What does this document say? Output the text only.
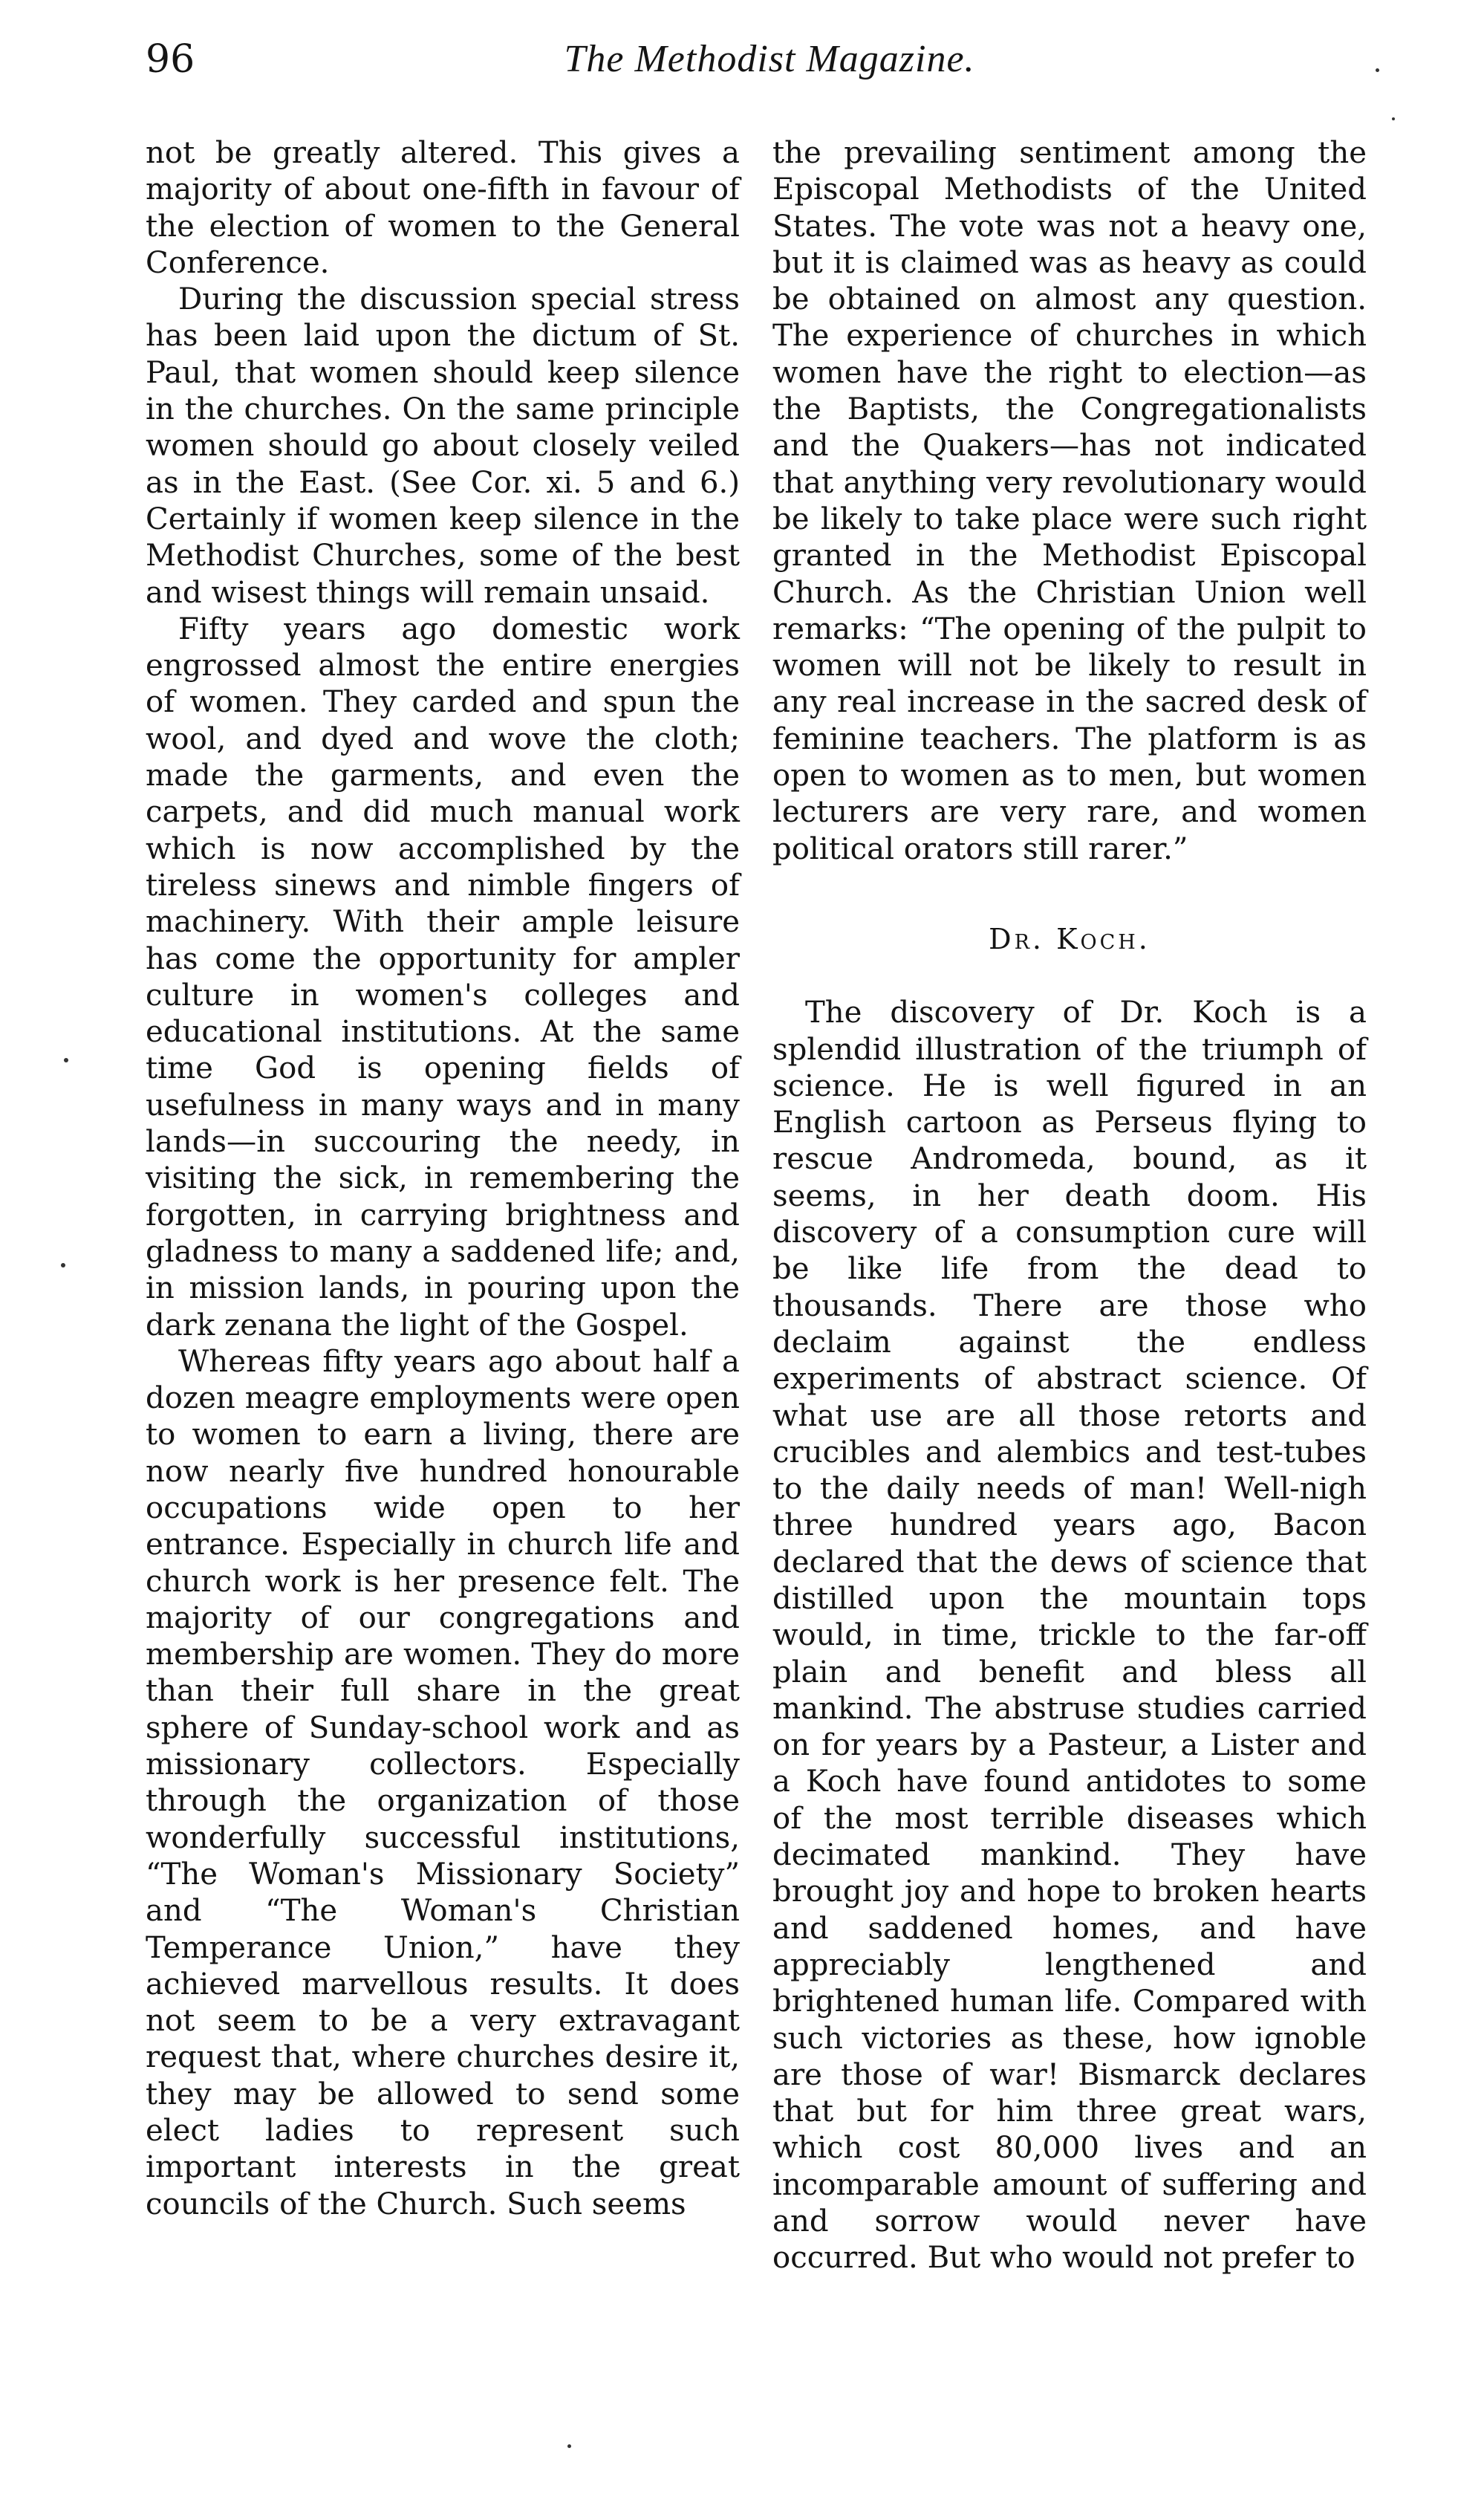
96	The Methodist Magazine.

not be greatly altered. This gives a majority of about one-fifth in favour of the election of women to the General Conference.

During the discussion special stress has been laid upon the dictum of St. Paul, that women should keep silence in the churches. On the same principle women should go about closely veiled as in the East. (See Cor. xi. 5 and 6.) Certainly if women keep silence in the Methodist Churches, some of the best and wisest things will remain unsaid.

Fifty years ago domestic work engrossed almost the entire energies of women. They carded and spun the wool, and dyed and wove the cloth; made the garments, and even the carpets, and did much manual work which is now accomplished by the tireless sinews and nimble fingers of machinery. With their ample leisure has come the opportunity for ampler culture in women's colleges and educational institutions. At the same time God is opening fields of usefulness in many ways and in many lands—in succouring the needy, in visiting the sick, in remembering the forgotten, in carrying brightness and gladness to many a saddened life; and, in mission lands, in pouring upon the dark zenana the light of the Gospel.

Whereas fifty years ago about half a dozen meagre employments were open to women to earn a living, there are now nearly five hundred honourable occupations wide open to her entrance. Especially in church life and church work is her presence felt. The majority of our congregations and membership are women. They do more than their full share in the great sphere of Sunday-school work and as missionary collectors. Especially through the organization of those wonderfully successful institutions, “The Woman's Missionary Society” and “The Woman's Christian Temperance Union,” have they achieved marvellous results. It does not seem to be a very extravagant request that, where churches desire it, they may be allowed to send some elect ladies to represent such important interests in the great councils of the Church. Such seems

the prevailing sentiment among the Episcopal Methodists of the United States. The vote was not a heavy one, but it is claimed was as heavy as could be obtained on almost any question. The experience of churches in which women have the right to election—as the Baptists, the Congregationalists and the Quakers—has not indicated that anything very revolutionary would be likely to take place were such right granted in the Methodist Episcopal Church. As the Christian Union well remarks: “The opening of the pulpit to women will not be likely to result in any real increase in the sacred desk of feminine teachers. The platform is as open to women as to men, but women lecturers are very rare, and women political orators still rarer.”

Dr. Koch.

The discovery of Dr. Koch is a splendid illustration of the triumph of science. He is well figured in an English cartoon as Perseus flying to rescue Andromeda, bound, as it seems, in her death doom. His discovery of a consumption cure will be like life from the dead to thousands. There are those who declaim against the endless experiments of abstract science. Of what use are all those retorts and crucibles and alembics and test-tubes to the daily needs of man! Well-nigh three hundred years ago, Bacon declared that the dews of science that distilled upon the mountain tops would, in time, trickle to the far-off plain and benefit and bless all mankind. The abstruse studies carried on for years by a Pasteur, a Lister and a Koch have found antidotes to some of the most terrible diseases which decimated mankind. They have brought joy and hope to broken hearts and saddened homes, and have appreciably lengthened and brightened human life. Compared with such victories as these, how ignoble are those of war! Bismarck declares that but for him three great wars, which cost 80,000 lives and an incomparable amount of suffering and and sorrow would never have occurred. But who would not prefer to
